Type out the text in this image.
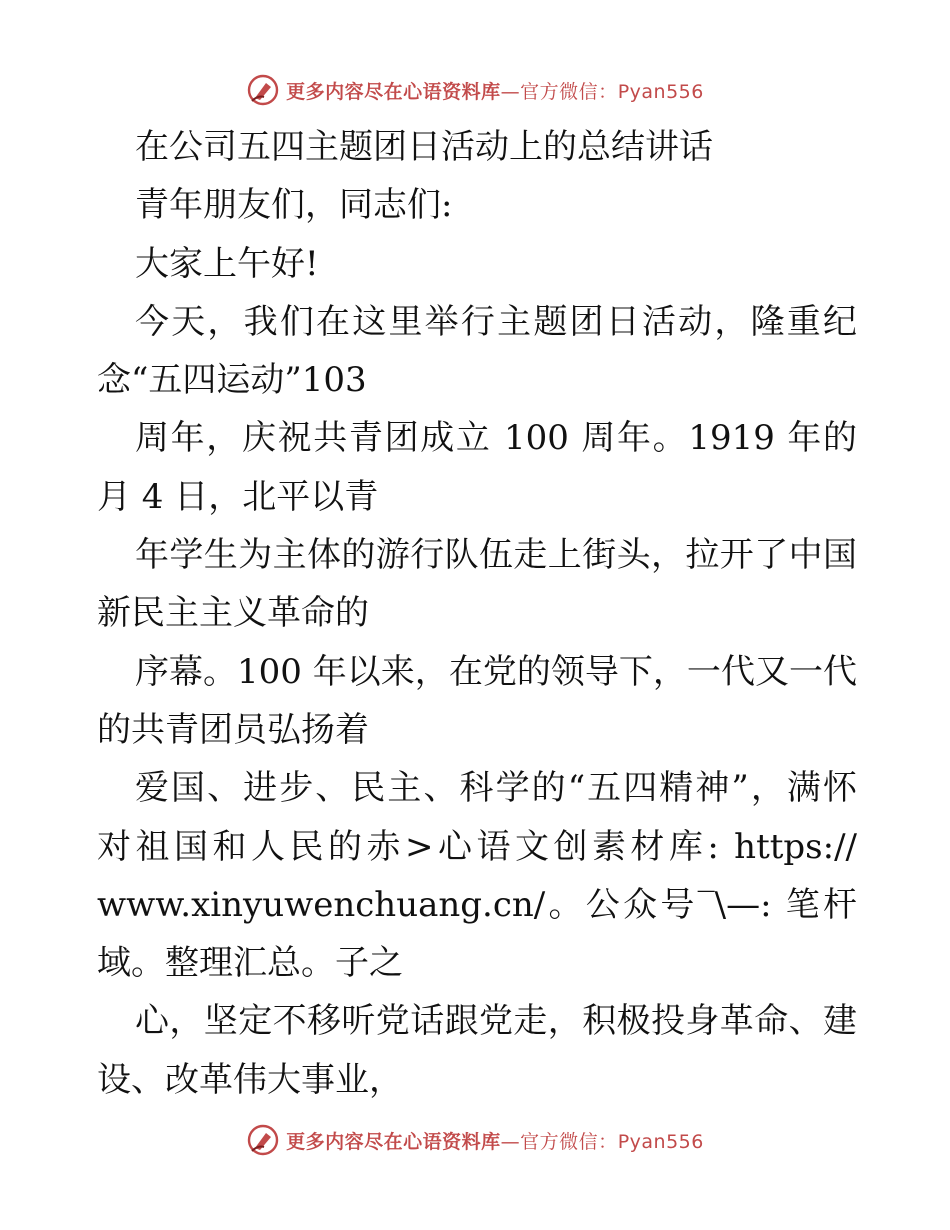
更多内容尽在心语资料库—官方微信：Pyan556
在公司五四主题团日活动上的总结讲话
青年朋友们，同志们:
大家上午好!
今天，我们在这里举行主题团日活动，隆重纪
念“五四运动”103
周年，庆祝共青团成立 100 周年。1919 年的
月 4 日，北平以青
年学生为主体的游行队伍走上街头，拉开了中国
新民主主义革命的
序幕。100 年以来，在党的领导下，一代又一代
的共青团员弘扬着
爱国、进步、民主、科学的“五四精神”，满怀
对祖国和人民的赤>心语文创素材库: https://
www.xinyuwenchuang.cn/。公众号‾\—: 笔杆
域。整理汇总。子之
心，坚定不移听党话跟党走，积极投身革命、建
设、改革伟大事业，
更多内容尽在心语资料库—官方微信：Pyan556
